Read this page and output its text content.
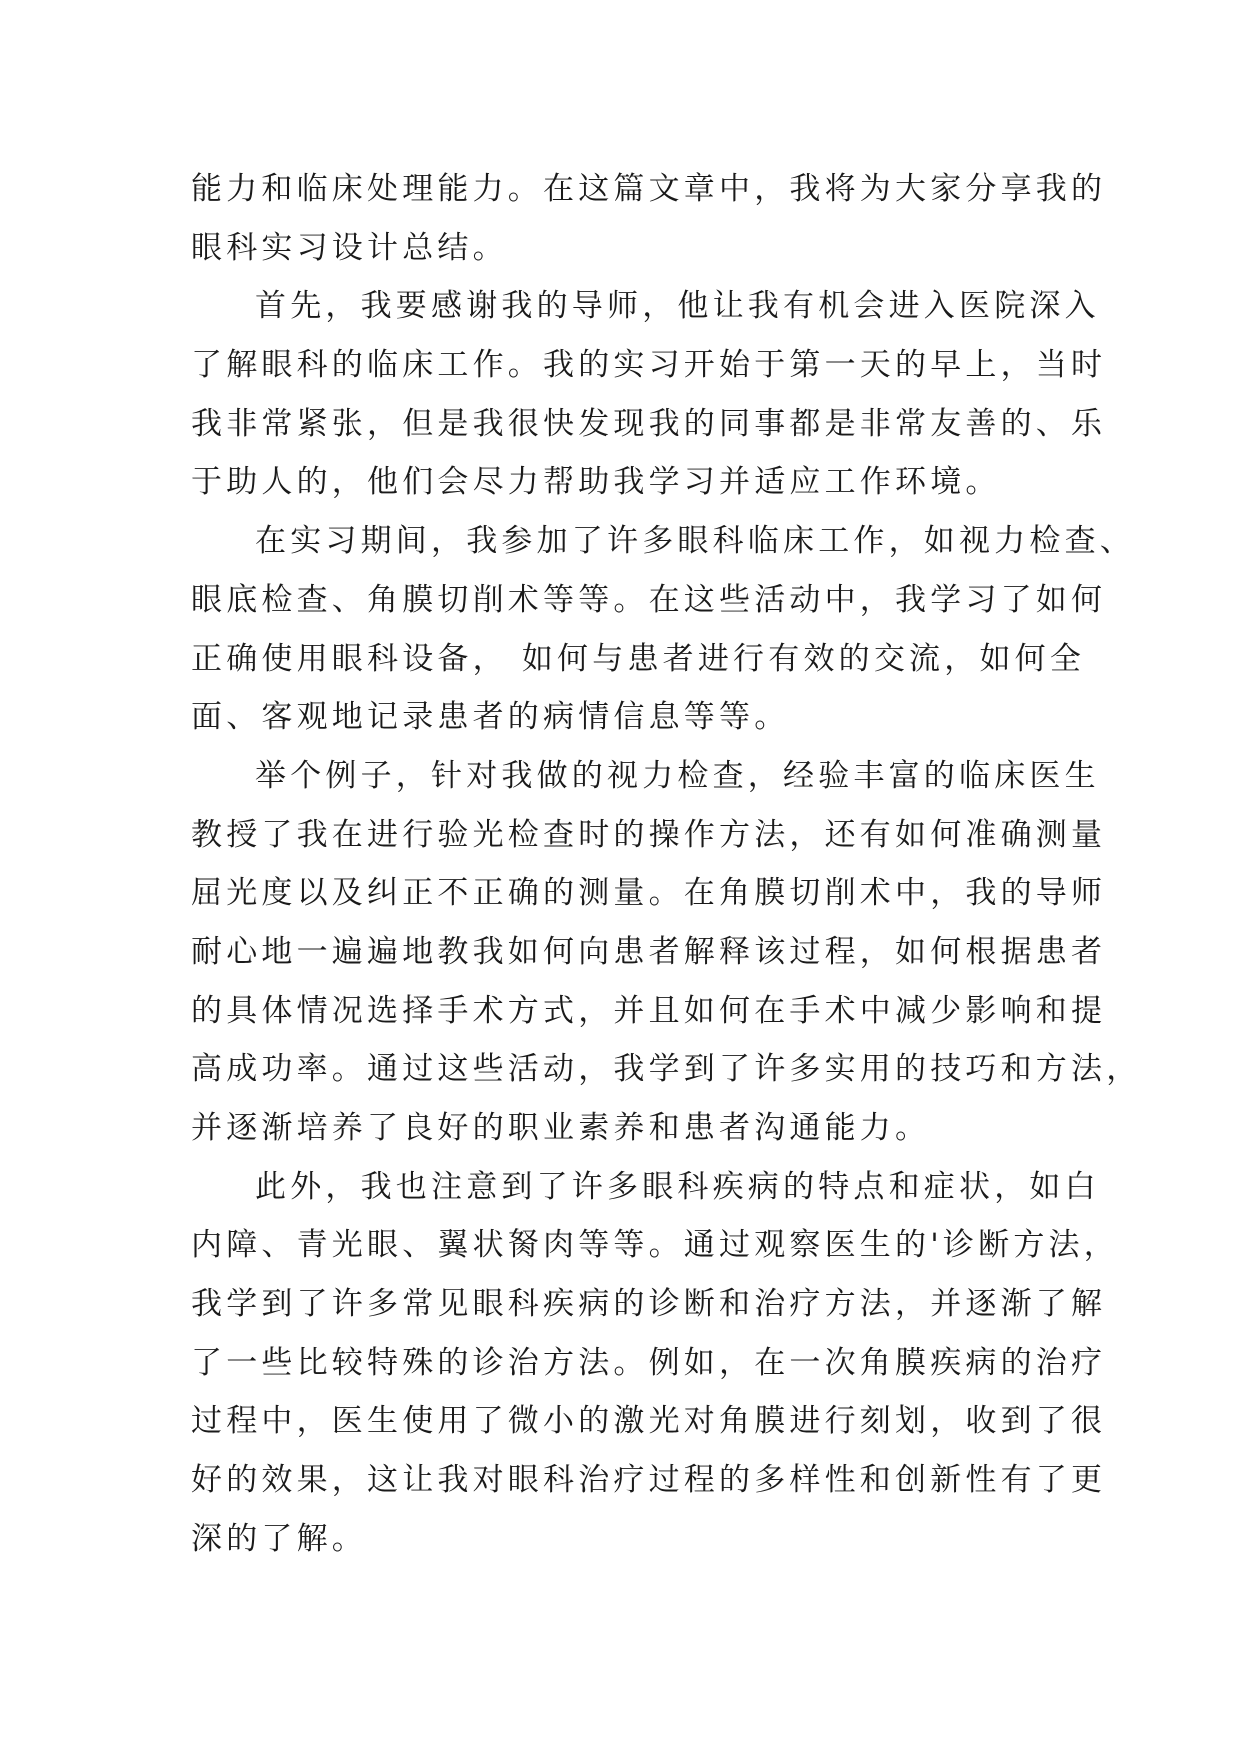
能力和临床处理能力。在这篇文章中，我将为大家分享我的
眼科实习设计总结。
首先，我要感谢我的导师，他让我有机会进入医院深入
了解眼科的临床工作。我的实习开始于第一天的早上，当时
我非常紧张，但是我很快发现我的同事都是非常友善的、乐
于助人的，他们会尽力帮助我学习并适应工作环境。
在实习期间，我参加了许多眼科临床工作，如视力检查、
眼底检查、角膜切削术等等。在这些活动中，我学习了如何
正确使用眼科设备， 如何与患者进行有效的交流，如何全
面、客观地记录患者的病情信息等等。
举个例子，针对我做的视力检查，经验丰富的临床医生
教授了我在进行验光检查时的操作方法，还有如何准确测量
屈光度以及纠正不正确的测量。在角膜切削术中，我的导师
耐心地一遍遍地教我如何向患者解释该过程，如何根据患者
的具体情况选择手术方式，并且如何在手术中减少影响和提
高成功率。通过这些活动，我学到了许多实用的技巧和方法，
并逐渐培养了良好的职业素养和患者沟通能力。
此外，我也注意到了许多眼科疾病的特点和症状，如白
内障、青光眼、翼状胬肉等等。通过观察医生的'诊断方法，
我学到了许多常见眼科疾病的诊断和治疗方法，并逐渐了解
了一些比较特殊的诊治方法。例如，在一次角膜疾病的治疗
过程中，医生使用了微小的激光对角膜进行刻划，收到了很
好的效果，这让我对眼科治疗过程的多样性和创新性有了更
深的了解。
